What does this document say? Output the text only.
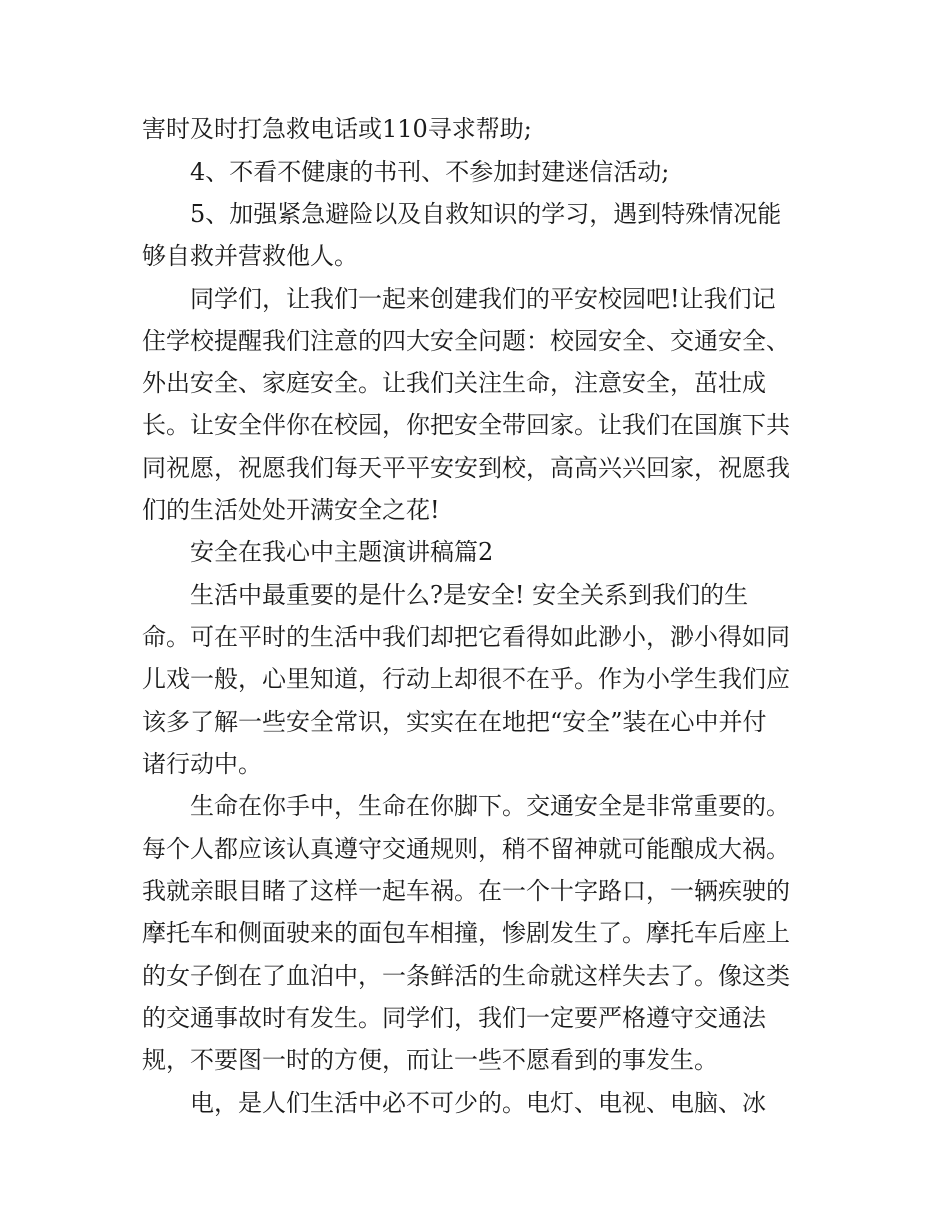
害时及时打急救电话或110寻求帮助;
4、不看不健康的书刊、不参加封建迷信活动;
5、加强紧急避险以及自救知识的学习，遇到特殊情况能
够自救并营救他人。
同学们，让我们一起来创建我们的平安校园吧!让我们记
住学校提醒我们注意的四大安全问题：校园安全、交通安全、
外出安全、家庭安全。让我们关注生命，注意安全，茁壮成
长。让安全伴你在校园，你把安全带回家。让我们在国旗下共
同祝愿，祝愿我们每天平平安安到校，高高兴兴回家，祝愿我
们的生活处处开满安全之花!
安全在我心中主题演讲稿篇2
生活中最重要的是什么?是安全! 安全关系到我们的生
命。可在平时的生活中我们却把它看得如此渺小，渺小得如同
儿戏一般，心里知道，行动上却很不在乎。作为小学生我们应
该多了解一些安全常识，实实在在地把“安全”装在心中并付
诸行动中。
生命在你手中，生命在你脚下。交通安全是非常重要的。
每个人都应该认真遵守交通规则，稍不留神就可能酿成大祸。
我就亲眼目睹了这样一起车祸。在一个十字路口，一辆疾驶的
摩托车和侧面驶来的面包车相撞，惨剧发生了。摩托车后座上
的女子倒在了血泊中，一条鲜活的生命就这样失去了。像这类
的交通事故时有发生。同学们，我们一定要严格遵守交通法
规，不要图一时的方便，而让一些不愿看到的事发生。
电，是人们生活中必不可少的。电灯、电视、电脑、冰
